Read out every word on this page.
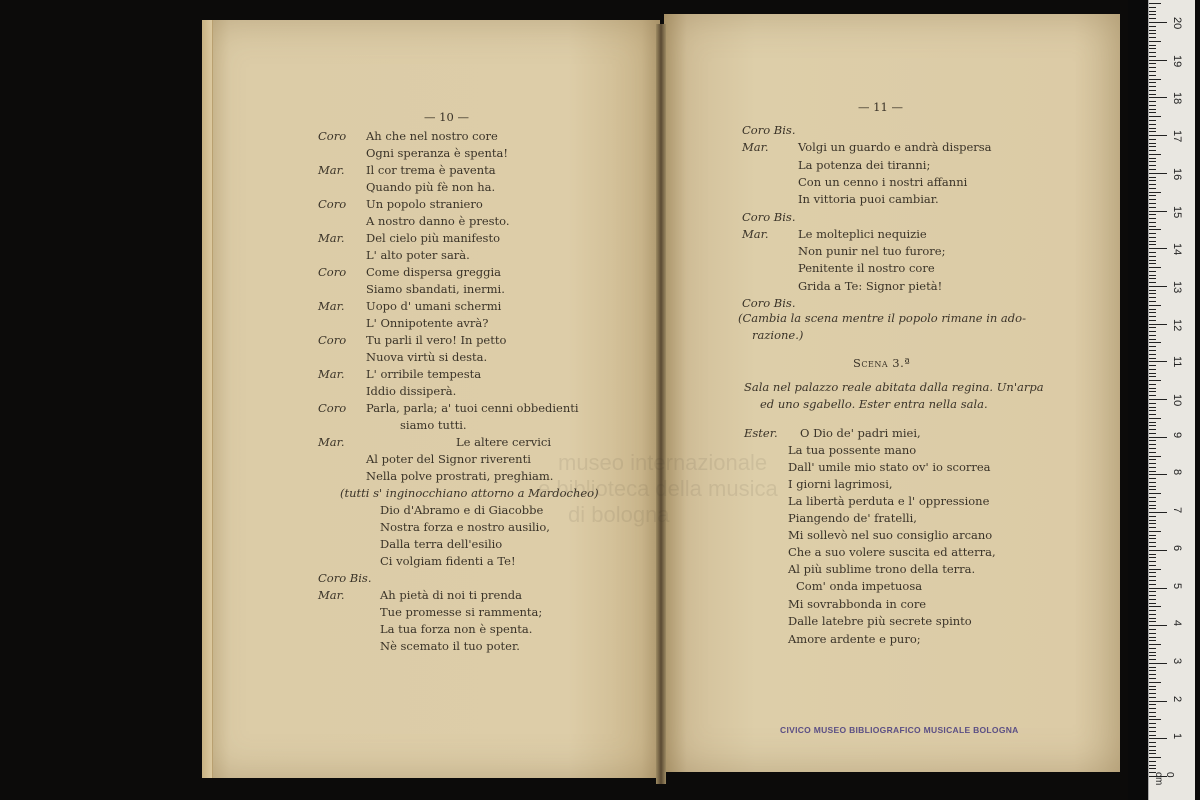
— 10 —
Coro Ah che nel nostro core
Ogni speranza è spenta!
Mar. Il cor trema è paventa
Quando più fè non ha.
Coro Un popolo straniero
A nostro danno è presto.
Mar. Del cielo più manifesto
L' alto poter sarà.
Coro Come dispersa greggia
Siamo sbandati, inermi.
Mar. Uopo d' umani schermi
L' Onnipotente avrà?
Coro Tu parli il vero! In petto
Nuova virtù si desta.
Mar. L' orribile tempesta
Iddio dissiperà.
Coro Parla, parla; a' tuoi cenni obbedienti
siamo tutti.
Mar.	Le altere cervici
Al poter del Signor riverenti
Nella polve prostrati, preghiam.
(tutti s' inginocchiano attorno a Mardocheo)
Dio d'Abramo e di Giacobbe
Nostra forza e nostro ausilio,
Dalla terra dell'esilio
Ci volgiam fidenti a Te!
Coro Bis.
Mar.	Ah pietà di noi ti prenda
Tue promesse si rammenta;
La tua forza non è spenta.
Nè scemato il tuo poter.
— 11 —
Coro Bis.
Mar.	Volgi un guardo e andrà dispersa
La potenza dei tiranni;
Con un cenno i nostri affanni
In vittoria puoi cambiar.
Coro Bis.
Mar.	Le molteplici nequizie
Non punir nel tuo furore;
Penitente il nostro core
Grida a Te: Signor pietà!
Coro Bis.
(Cambia la scena mentre il popolo rimane in ado-
razione.)
Scena 3.ª
Sala nel palazzo reale abitata dalla regina. Un'arpa
ed uno sgabello. Ester entra nella sala.
Ester. O Dio de' padri miei,
La tua possente mano
Dall' umile mio stato ov' io scorrea
I giorni lagrimosi,
La libertà perduta e l' oppressione
Piangendo de' fratelli,
Mi sollevò nel suo consiglio arcano
Che a suo volere suscita ed atterra,
Al più sublime trono della terra.
Com' onda impetuosa
Mi sovrabbonda in core
Dalle latebre più secrete spinto
Amore ardente e puro;
CIVICO MUSEO BIBLIOGRAFICO MUSICALE BOLOGNA
1
2
3
4
5
6
7
8
9
10
11
12
13
14
15
16
17
18
19
20
0 cm
